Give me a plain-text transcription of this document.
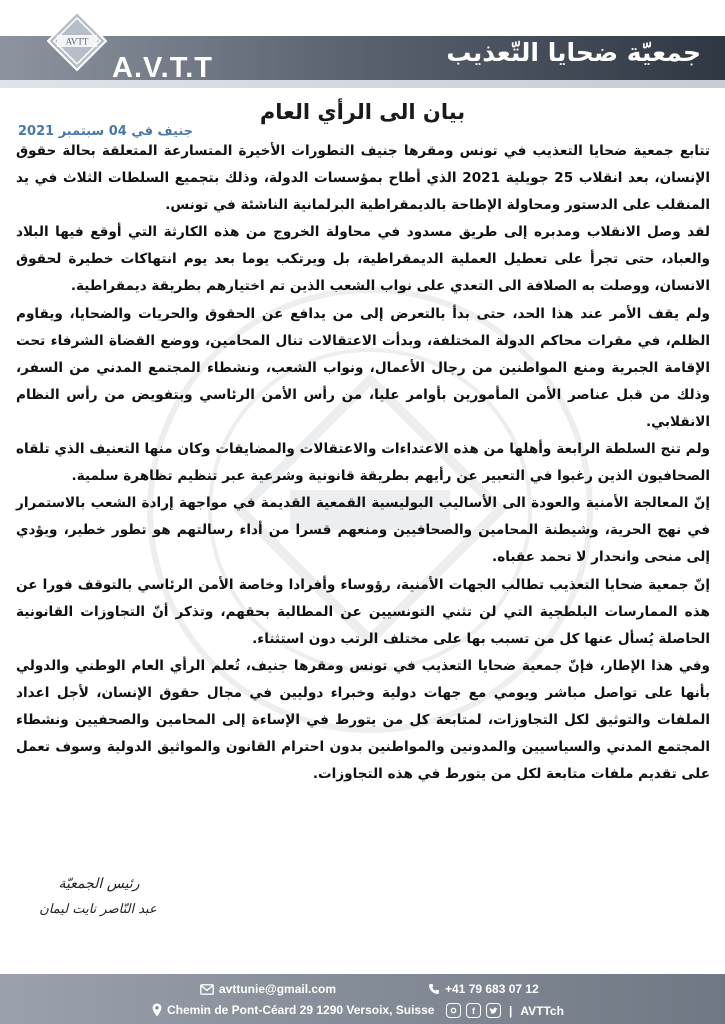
AVTT
A.V.T.T	جمعيّة ضحايا التّعذيب
بيان الى الرأي العام
جنيف في 04 سبتمبر 2021

تتابع جمعية ضحايا التعذيب في تونس ومقرها جنيف التطورات الأخيرة المتسارعة المتعلقة بحالة حقوق الإنسان، بعد انقلاب 25 جويلية 2021 الذي أطاح بمؤسسات الدولة، وذلك بتجميع السلطات الثلاث في يد المنقلب على الدستور ومحاولة الإطاحة بالديمقراطية البرلمانية الناشئة في تونس.

لقد وصل الانقلاب ومدبره إلى طريق مسدود في محاولة الخروج من هذه الكارثة التي أوقع فيها البلاد والعباد، حتى تجرأ على تعطيل العملية الديمقراطية، بل ويرتكب يوما بعد يوم انتهاكات خطيرة لحقوق الانسان، ووصلت به الصلافة الى التعدي على نواب الشعب الذين تم اختيارهم بطريقة ديمقراطية.

ولم يقف الأمر عند هذا الحد، حتى بدأ بالتعرض إلى من يدافع عن الحقوق والحريات والضحايا، ويقاوم الظلم، في مقرات محاكم الدولة المختلفة، وبدأت الاعتقالات تنال المحامين، ووضع القضاة الشرفاء تحت الإقامة الجبرية ومنع المواطنين من رجال الأعمال، ونواب الشعب، ونشطاء المجتمع المدني من السفر، وذلك من قبل عناصر الأمن المأمورين بأوامر عليا، من رأس الأمن الرئاسي وبتفويض من رأس النظام الانقلابي.

ولم تنج السلطة الرابعة وأهلها من هذه الاعتداءات والاعتقالات والمضايقات وكان منها التعنيف الذي تلقاه الصحافيون الذين رغبوا في التعبير عن رأيهم بطريقة قانونية وشرعية عبر تنظيم تظاهرة سلمية.

إنّ المعالجة الأمنية والعودة الى الأساليب البوليسية القمعية القديمة في مواجهة إرادة الشعب بالاستمرار في نهج الحرية، وشيطنة المحامين والصحافيين ومنعهم قسرا من أداء رسالتهم هو تطور خطير، ويؤدي إلى منحى وانحدار لا تحمد عقباه.

إنّ جمعية ضحايا التعذيب تطالب الجهات الأمنية، رؤوساء وأفرادا وخاصة الأمن الرئاسي بالتوقف فورا عن هذه الممارسات البلطجية التي لن تثني التونسيين عن المطالبة بحقهم، وتذكر أنّ التجاوزات القانونية الحاصلة يُسأل عنها كل من تسبب بها على مختلف الرتب دون استثناء.

وفي هذا الإطار، فإنّ جمعية ضحايا التعذيب في تونس ومقرها جنيف، تُعلم الرأي العام الوطني والدولي بأنها على تواصل مباشر ويومي مع جهات دولية وخبراء دوليين في مجال حقوق الإنسان، لأجل اعداد الملفات والتوثيق لكل التجاوزات، لمتابعة كل من يتورط في الإساءة إلى المحامين والصحفيين ونشطاء المجتمع المدني والسياسيين والمدونين والمواطنين بدون احترام القانون والمواثيق الدولية وسوف تعمل على تقديم ملفات متابعة لكل من يتورط في هذه التجاوزات.

رئيس الجمعيّة
عبد النّاصر نايت ليمان
avttunie@gmail.com	+41 79 683 07 12
Chemin de Pont-Céard 29 1290 Versoix, Suisse	f	| AVTTch
